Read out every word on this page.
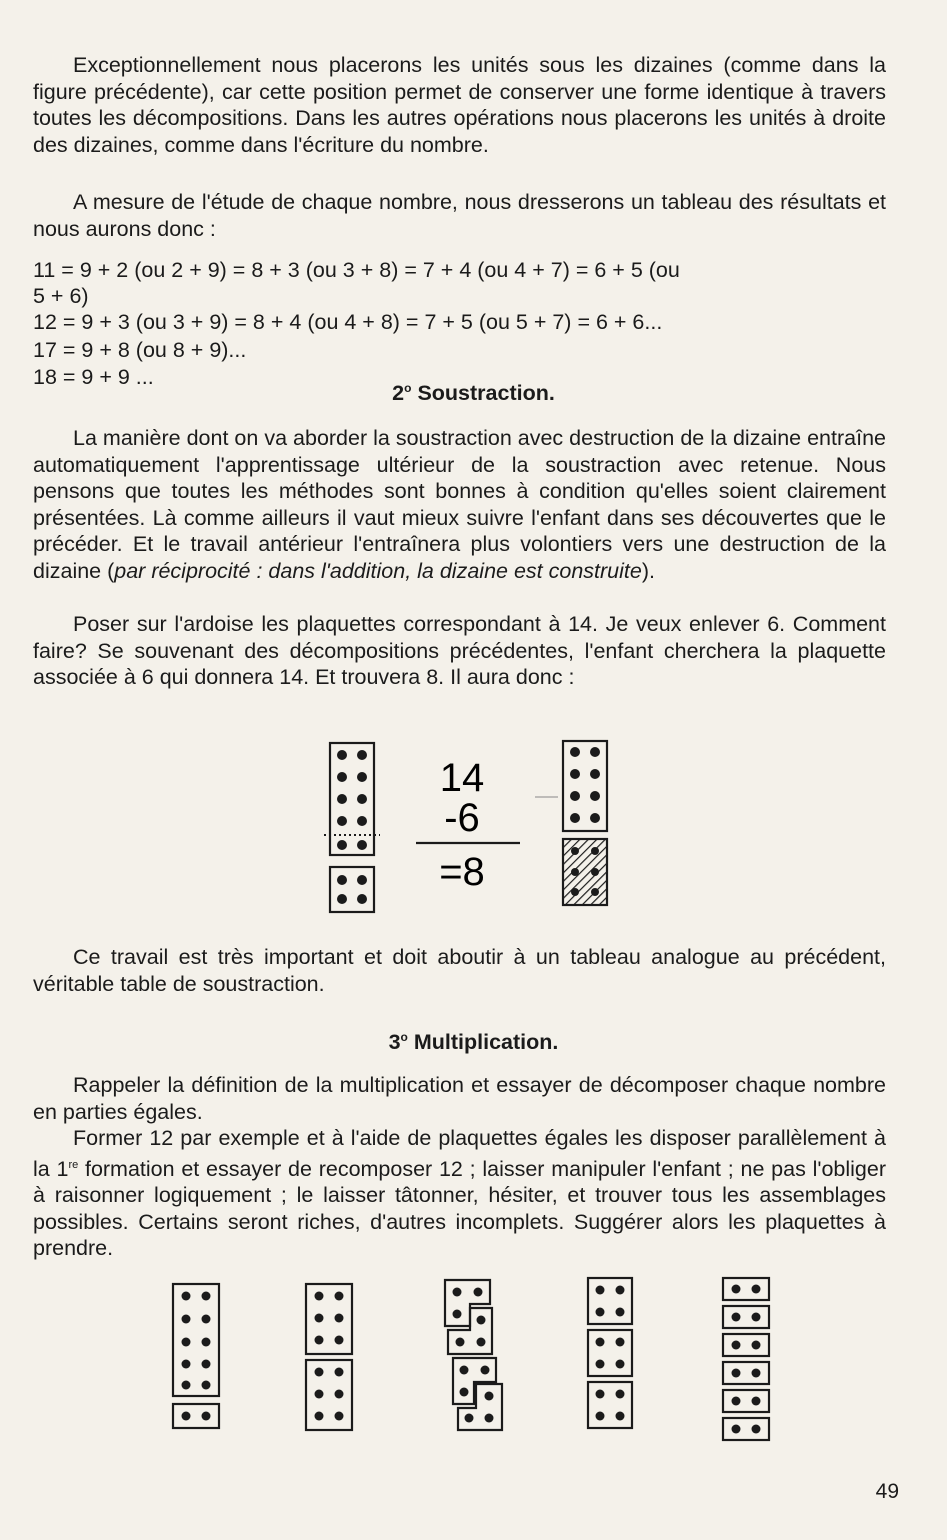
Exceptionnellement nous placerons les unités sous les dizaines (comme dans la figure précédente), car cette position permet de conserver une forme identique à travers toutes les décompositions. Dans les autres opérations nous placerons les unités à droite des dizaines, comme dans l'écriture du nombre.

A mesure de l'étude de chaque nombre, nous dresserons un tableau des résultats et nous aurons donc :

11 = 9 + 2 (ou 2 + 9) = 8 + 3 (ou 3 + 8) = 7 + 4 (ou 4 + 7) = 6 + 5 (ou

5 + 6)

12 = 9 + 3 (ou 3 + 9) = 8 + 4 (ou 4 + 8) = 7 + 5 (ou 5 + 7) = 6 + 6...

17 = 9 + 8 (ou 8 + 9)...

18 = 9 + 9 ...

2$^o$ Soustraction.

La manière dont on va aborder la soustraction avec destruction de la dizaine entraîne automatiquement l'apprentissage ultérieur de la soustraction avec retenue. Nous pensons que toutes les méthodes sont bonnes à condition qu'elles soient clairement présentées. Là comme ailleurs il vaut mieux suivre l'enfant dans ses découvertes que le précéder. Et le travail antérieur l'entraînera plus volontiers vers une destruction de la dizaine (par réciprocité : dans l'addition, la dizaine est construite).

Poser sur l'ardoise les plaquettes correspondant à 14. Je veux enlever 6. Comment faire? Se souvenant des décompositions précédentes, l'enfant cherchera la plaquette associée à 6 qui donnera 14. Et trouvera 8. Il aura donc :

14
-6
=8

Ce travail est très important et doit aboutir à un tableau analogue au précédent, véritable table de soustraction.

3$^o$ Multiplication.

Rappeler la définition de la multiplication et essayer de décomposer chaque nombre en parties égales.

Former 12 par exemple et à l'aide de plaquettes égales les disposer parallèlement à la 1re formation et essayer de recomposer 12 ; laisser manipuler l'enfant ; ne pas l'obliger à raisonner logiquement ; le laisser tâtonner, hésiter, et trouver tous les assemblages possibles. Certains seront riches, d'autres incomplets. Suggérer alors les plaquettes à prendre.

49
